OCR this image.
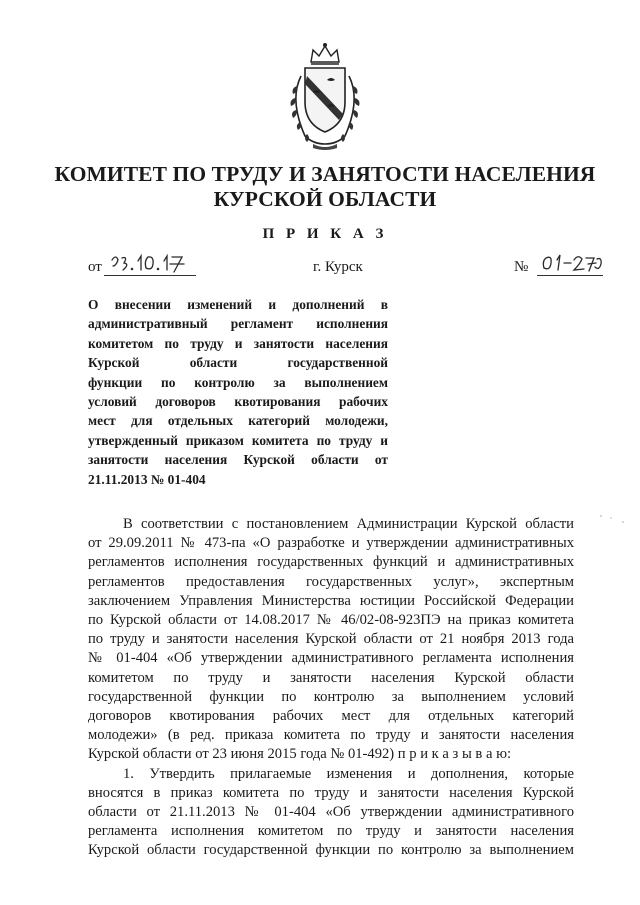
КОМИТЕТ ПО ТРУДУ И ЗАНЯТОСТИ НАСЕЛЕНИЯ
КУРСКОЙ ОБЛАСТИ
П Р И К А З
от	г. Курск	№
О внесении изменений и дополнений в
административный регламент исполнения
комитетом по труду и занятости населения
Курской области государственной
функции по контролю за выполнением
условий договоров квотирования рабочих
мест для отдельных категорий молодежи,
утвержденный приказом комитета по труду и
занятости населения Курской области от
21.11.2013 № 01-404
В соответствии с постановлением Администрации Курской области
от 29.09.2011 № 473-па «О разработке и утверждении административных
регламентов исполнения государственных функций и административных
регламентов предоставления государственных услуг», экспертным
заключением Управления Министерства юстиции Российской Федерации
по Курской области от 14.08.2017 № 46/02-08-923ПЭ на приказ комитета
по труду и занятости населения Курской области от 21 ноября 2013 года
№ 01-404 «Об утверждении административного регламента исполнения
комитетом по труду и занятости населения Курской области
государственной функции по контролю за выполнением условий
договоров квотирования рабочих мест для отдельных категорий
молодежи» (в ред. приказа комитета по труду и занятости населения
Курской области от 23 июня 2015 года № 01-492) п р и к а з ы в а ю:
1. Утвердить прилагаемые изменения и дополнения, которые
вносятся в приказ комитета по труду и занятости населения Курской
области от 21.11.2013 № 01-404 «Об утверждении административного
регламента исполнения комитетом по труду и занятости населения
Курской области государственной функции по контролю за выполнением
